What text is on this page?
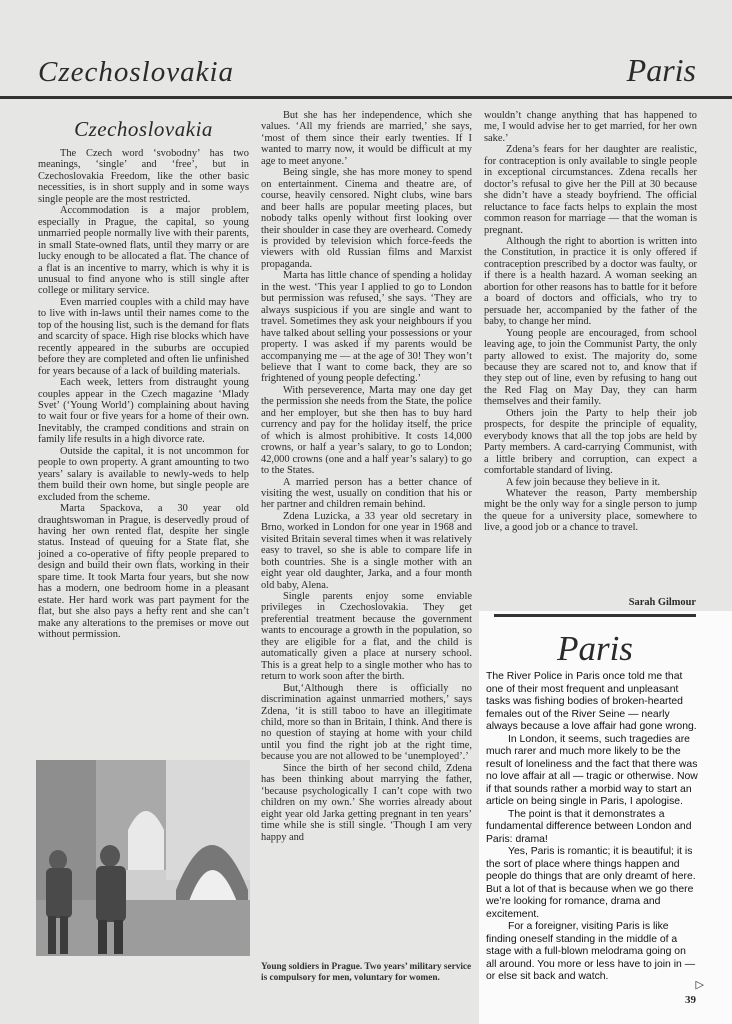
Czechoslovakia	Paris
Czechoslovakia

The Czech word ‘svobodny’ has two meanings, ‘single’ and ‘free’, but in Czechoslovakia Freedom, like the other basic necessities, is in short supply and in some ways single people are the most restricted.

Accommodation is a major problem, especially in Prague, the capital, so young unmarried people normally live with their parents, in small State-owned flats, until they marry or are lucky enough to be allocated a flat. The chance of a flat is an incentive to marry, which is why it is unusual to find anyone who is still single after college or military service.

Even married couples with a child may have to live with in-laws until their names come to the top of the housing list, such is the demand for flats and scarcity of space. High rise blocks which have recently appeared in the suburbs are occupied before they are completed and often lie unfinished for years because of a lack of building materials.

Each week, letters from distraught young couples appear in the Czech magazine ‘Mlady Svet’ (‘Young World’) complaining about having to wait four or five years for a home of their own. Inevitably, the cramped conditions and strain on family life results in a high divorce rate.

Outside the capital, it is not uncommon for people to own property. A grant amounting to two years’ salary is available to newly-weds to help them build their own home, but single people are excluded from the scheme.

Marta Spackova, a 30 year old draughtswoman in Prague, is deservedly proud of having her own rented flat, despite her single status. Instead of queuing for a State flat, she joined a co-operative of fifty people prepared to design and build their own flats, working in their spare time. It took Marta four years, but she now has a modern, one bedroom home in a pleasant estate. Her hard work was part payment for the flat, but she also pays a hefty rent and she can’t make any alterations to the premises or move out without permission.

But she has her independence, which she values. ‘All my friends are married,’ she says, ‘most of them since their early twenties. If I wanted to marry now, it would be difficult at my age to meet anyone.’

Being single, she has more money to spend on entertainment. Cinema and theatre are, of course, heavily censored. Night clubs, wine bars and beer halls are popular meeting places, but nobody talks openly without first looking over their shoulder in case they are overheard. Comedy is provided by television which force-feeds the viewers with old Russian films and Marxist propaganda.

Marta has little chance of spending a holiday in the west. ‘This year I applied to go to London but permission was refused,’ she says. ‘They are always suspicious if you are single and want to travel. Sometimes they ask your neighbours if you have talked about selling your possessions or your property. I was asked if my parents would be accompanying me — at the age of 30! They won’t believe that I want to come back, they are so frightened of young people defecting.’

With perseverence, Marta may one day get the permission she needs from the State, the police and her employer, but she then has to buy hard currency and pay for the holiday itself, the price of which is almost prohibitive. It costs 14,000 crowns, or half a year’s salary, to go to London; 42,000 crowns (one and a half year’s salary) to go to the States.

A married person has a better chance of visiting the west, usually on condition that his or her partner and children remain behind.

Zdena Luzicka, a 33 year old secretary in Brno, worked in London for one year in 1968 and visited Britain several times when it was relatively easy to travel, so she is able to compare life in both countries. She is a single mother with an eight year old daughter, Jarka, and a four month old baby, Alena.

Single parents enjoy some enviable privileges in Czechoslovakia. They get preferential treatment because the government wants to encourage a growth in the population, so they are eligible for a flat, and the child is automatically given a place at nursery school. This is a great help to a single mother who has to return to work soon after the birth.

But,‘Although there is officially no discrimination against unmarried mothers,’ says Zdena, ‘it is still taboo to have an illegitimate child, more so than in Britain, I think. And there is no question of staying at home with your child until you find the right job at the right time, because you are not allowed to be ‘unemployed’.’

Since the birth of her second child, Zdena has been thinking about marrying the father, ‘because psychologically I can’t cope with two children on my own.’ She worries already about eight year old Jarka getting pregnant in ten years’ time while she is still single. ‘Though I am very happy and

Young soldiers in Prague. Two years’ military service is compulsory for men, voluntary for women.

wouldn’t change anything that has happened to me, I would advise her to get married, for her own sake.’

Zdena’s fears for her daughter are realistic, for contraception is only available to single people in exceptional circumstances. Zdena recalls her doctor’s refusal to give her the Pill at 30 because she didn’t have a steady boyfriend. The official reluctance to face facts helps to explain the most common reason for marriage — that the woman is pregnant.

Although the right to abortion is written into the Constitution, in practice it is only offered if contraception prescribed by a doctor was faulty, or if there is a health hazard. A woman seeking an abortion for other reasons has to battle for it before a board of doctors and officials, who try to persuade her, accompanied by the father of the baby, to change her mind.

Young people are encouraged, from school leaving age, to join the Communist Party, the only party allowed to exist. The majority do, some because they are scared not to, and know that if they step out of line, even by refusing to hang out the Red Flag on May Day, they can harm themselves and their family.

Others join the Party to help their job prospects, for despite the principle of equality, everybody knows that all the top jobs are held by Party members. A card-carrying Communist, with a little bribery and corruption, can expect a comfortable standard of living.

A few join because they believe in it.

Whatever the reason, Party membership might be the only way for a single person to jump the queue for a university place, somewhere to live, a good job or a chance to travel.

Sarah Gilmour
Paris

The River Police in Paris once told me that one of their most frequent and unpleasant tasks was fishing bodies of broken-hearted females out of the River Seine — nearly always because a love affair had gone wrong.

In London, it seems, such tragedies are much rarer and much more likely to be the result of loneliness and the fact that there was no love affair at all — tragic or otherwise. Now if that sounds rather a morbid way to start an article on being single in Paris, I apologise.

The point is that it demonstrates a fundamental difference between London and Paris: drama!

Yes, Paris is romantic; it is beautiful; it is the sort of place where things happen and people do things that are only dreamt of here. But a lot of that is because when we go there we’re looking for romance, drama and excitement.

For a foreigner, visiting Paris is like finding oneself standing in the middle of a stage with a full-blown melodrama going on all around. You more or less have to join in — or else sit back and watch.

▷
39
